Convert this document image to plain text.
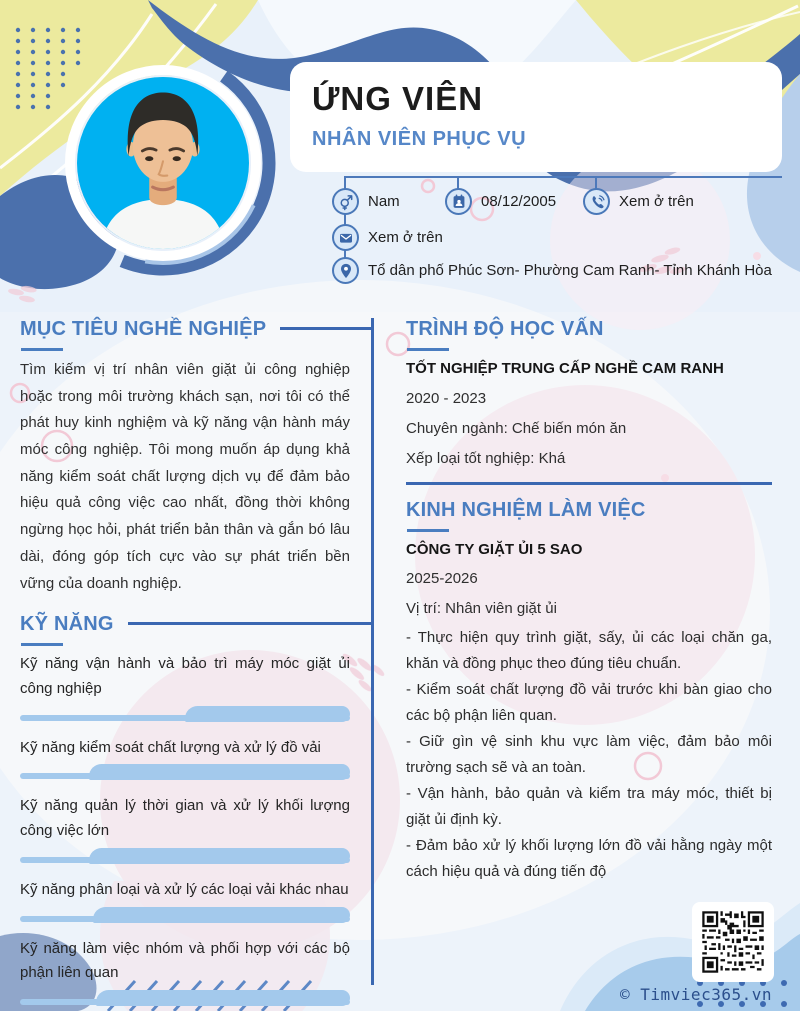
ỨNG VIÊN
NHÂN VIÊN PHỤC VỤ
Nam	08/12/2005	Xem ở trên
Xem ở trên
Tổ dân phố Phúc Sơn- Phường Cam Ranh- Tỉnh Khánh Hòa
MỤC TIÊU NGHỀ NGHIỆP

Tìm kiếm vị trí nhân viên giặt ủi công nghiệp hoặc trong môi trường khách sạn, nơi tôi có thể phát huy kinh nghiệm và kỹ năng vận hành máy móc công nghiệp. Tôi mong muốn áp dụng khả năng kiểm soát chất lượng dịch vụ để đảm bảo hiệu quả công việc cao nhất, đồng thời không ngừng học hỏi, phát triển bản thân và gắn bó lâu dài, đóng góp tích cực vào sự phát triển bền vững của doanh nghiệp.

KỸ NĂNG
Kỹ năng vận hành và bảo trì máy móc giặt ủi công nghiệp
Kỹ năng kiểm soát chất lượng và xử lý đồ vải
Kỹ năng quản lý thời gian và xử lý khối lượng công việc lớn
Kỹ năng phân loại và xử lý các loại vải khác nhau
Kỹ năng làm việc nhóm và phối hợp với các bộ phận liên quan
TRÌNH ĐỘ HỌC VẤN

TỐT NGHIỆP TRUNG CẤP NGHỀ CAM RANH

2020 - 2023

Chuyên ngành: Chế biến món ăn

Xếp loại tốt nghiệp: Khá

KINH NGHIỆM LÀM VIỆC

CÔNG TY GIẶT ỦI 5 SAO

2025-2026

Vị trí: Nhân viên giặt ủi

- Thực hiện quy trình giặt, sấy, ủi các loại chăn ga, khăn và đồng phục theo đúng tiêu chuẩn.

- Kiểm soát chất lượng đồ vải trước khi bàn giao cho các bộ phận liên quan.

- Giữ gìn vệ sinh khu vực làm việc, đảm bảo môi trường sạch sẽ và an toàn.

- Vận hành, bảo quản và kiểm tra máy móc, thiết bị giặt ủi định kỳ.

- Đảm bảo xử lý khối lượng lớn đồ vải hằng ngày một cách hiệu quả và đúng tiến độ

© Timviec365.vn
